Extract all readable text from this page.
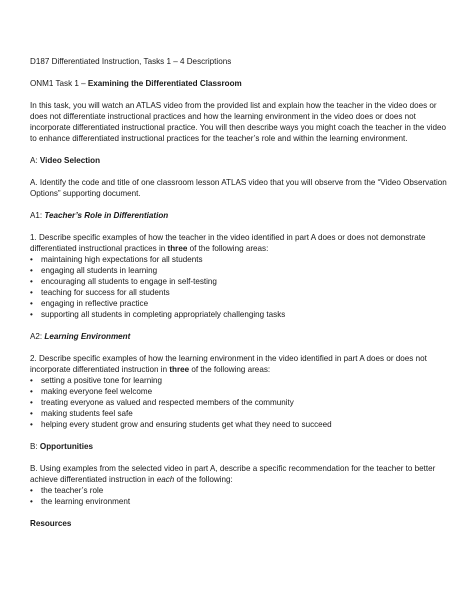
D187 Differentiated Instruction, Tasks 1 – 4 Descriptions

ONM1 Task 1 – Examining the Differentiated Classroom

In this task, you will watch an ATLAS video from the provided list and explain how the teacher in the video does or does not differentiate instructional practices and how the learning environment in the video does or does not incorporate differentiated instructional practice. You will then describe ways you might coach the teacher in the video to enhance differentiated instructional practices for the teacher’s role and within the learning environment.

A: Video Selection

A. Identify the code and title of one classroom lesson ATLAS video that you will observe from the “Video Observation Options” supporting document.

A1: Teacher’s Role in Differentiation

1. Describe specific examples of how the teacher in the video identified in part A does or does not demonstrate differentiated instructional practices in three of the following areas:

• maintaining high expectations for all students
• engaging all students in learning
• encouraging all students to engage in self-testing
• teaching for success for all students
• engaging in reflective practice
• supporting all students in completing appropriately challenging tasks

A2: Learning Environment

2. Describe specific examples of how the learning environment in the video identified in part A does or does not incorporate differentiated instruction in three of the following areas:

• setting a positive tone for learning
• making everyone feel welcome
• treating everyone as valued and respected members of the community
• making students feel safe
• helping every student grow and ensuring students get what they need to succeed

B: Opportunities

B. Using examples from the selected video in part A, describe a specific recommendation for the teacher to better achieve differentiated instruction in each of the following:

• the teacher’s role
• the learning environment

Resources
